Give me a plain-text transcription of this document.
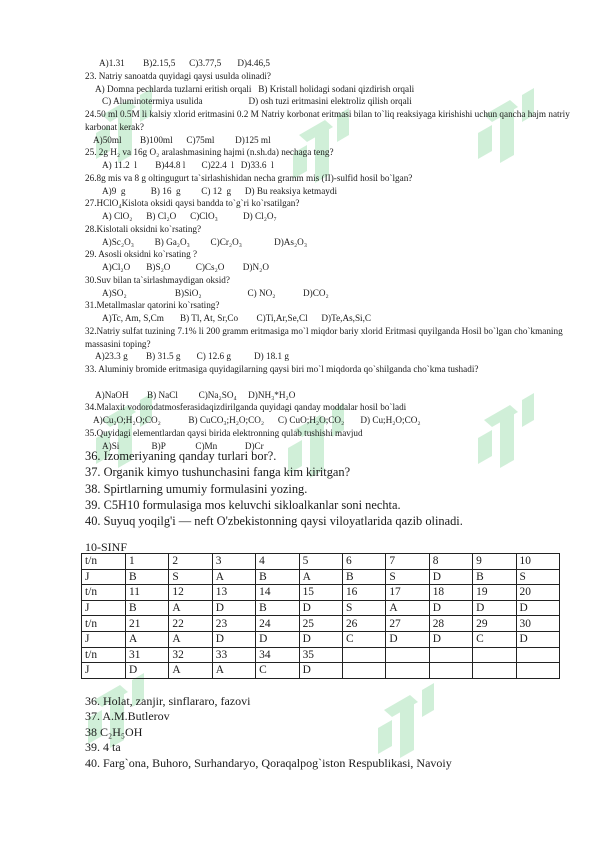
A)1.31        B)2.15,5      C)3.77,5       D)4.46,5
23. Natriy sanoatda quyidagi qaysi usulda olinadi?
A) Domna pechlarda tuzlarni eritish orqali   B) Kristall holidagi sodani qizdirish orqali
C) Aluminotermiya usulida                    D) osh tuzi eritmasini elektroliz qilish orqali
24.50 ml 0.5M li kalsiy xlorid eritmasini 0.2 M Natriy korbonat eritmasi bilan to`liq reaksiyaga kirishishi uchun qancha hajm natriy karbonat kerak?
A)50ml        B)100ml      C)75ml         D)125 ml
25. 2g H₂ va 16g O₂ aralashmasining hajmi (n.sh.da) nechaga teng?
A) 11.2  l        B)44.8 l       C)22.4  l   D)33.6  l
26.8g mis va 8 g oltingugurt ta`sirlashishidan necha gramm mis (II)-sulfid hosil bo`lgan?
A)9  g           B) 16  g         C) 12  g      D) Bu reaksiya ketmaydi
27.HClO₄Kislota oksidi qaysi bandda to`g`ri ko`rsatilgan?
A) ClO₂      B) Cl₂O      C)ClO₃           D) Cl₂O₇
28.Kislotali oksidni ko`rsating?
A)Sc₂O₃         B) Ga₂O₃         C)Cr₂O₃              D)As₂O₃
29. Asosli oksidni ko`rsating ?
A)Cl₂O       B)S₂O           C)Cs₂O        D)N₂O
30.Suv bilan ta`sirlashmaydigan oksid?
A)SO₂                     B)SiO₂                    C) NO₂            D)CO₂
31.Metallmaslar qatorini ko`rsating?
A)Tc, Am, S,Cm       B) Tl, At, Sr,Co        C)Ti,Ar,Se,Cl      D)Te,As,Si,C
32.Natriy sulfat tuzining 7.1% li 200 gramm eritmasiga mo`l miqdor bariy xlorid Eritmasi quyilganda Hosil bo`lgan cho`kmaning massasini toping?
A)23.3 g        B) 31.5 g       C) 12.6 g          D) 18.1 g
33. Aluminiy bromide eritmasiga quyidagilarning qaysi biri mo`l miqdorda qo`shilganda cho`kma tushadi?
A)NaOH        B) NaCl         C)Na₂SO₄     D)NH₃*H₂O
34.Malaxit vodorodatmosferasidaqizdirilganda quyidagi qanday moddalar hosil bo`ladi
A)Cu₂O;H₂O;CO₂            B) CuCO₃;H₂O;CO₂      C) CuO;H₂O;CO₂       D) Cu;H₂O;CO₂
35.Quyidagi elementlardan qaysi birida elektronning qulab tushishi mavjud
A)Si              B)P             C)Mn            D)Cr
36. Izomeriyaning qanday turlari bor?.
37. Organik kimyo tushunchasini fanga kim kiritgan?
38. Spirtlarning umumiy formulasini yozing.
39. C5H10 formulasiga mos keluvchi sikloalkanlar soni nechta.
40. Suyuq yoqilg'i — neft O'zbekistonning qaysi viloyatlarida qazib olinadi.
10-SINF
t/n	1	2	3	4	5	6	7	8	9	10
J	B	S	A	B	A	B	S	D	B	S
t/n	11	12	13	14	15	16	17	18	19	20
J	B	A	D	B	D	S	A	D	D	D
t/n	21	22	23	24	25	26	27	28	29	30
J	A	A	D	D	D	C	D	D	C	D
t/n	31	32	33	34	35					
J	D	A	A	C	D					
36. Holat, zanjir, sinflararo, fazovi
37. A.M.Butlerov
38 C₂H₅OH
39. 4 ta
40. Farg`ona, Buhoro, Surhandaryo, Qoraqalpog`iston Respublikasi, Navoiy
